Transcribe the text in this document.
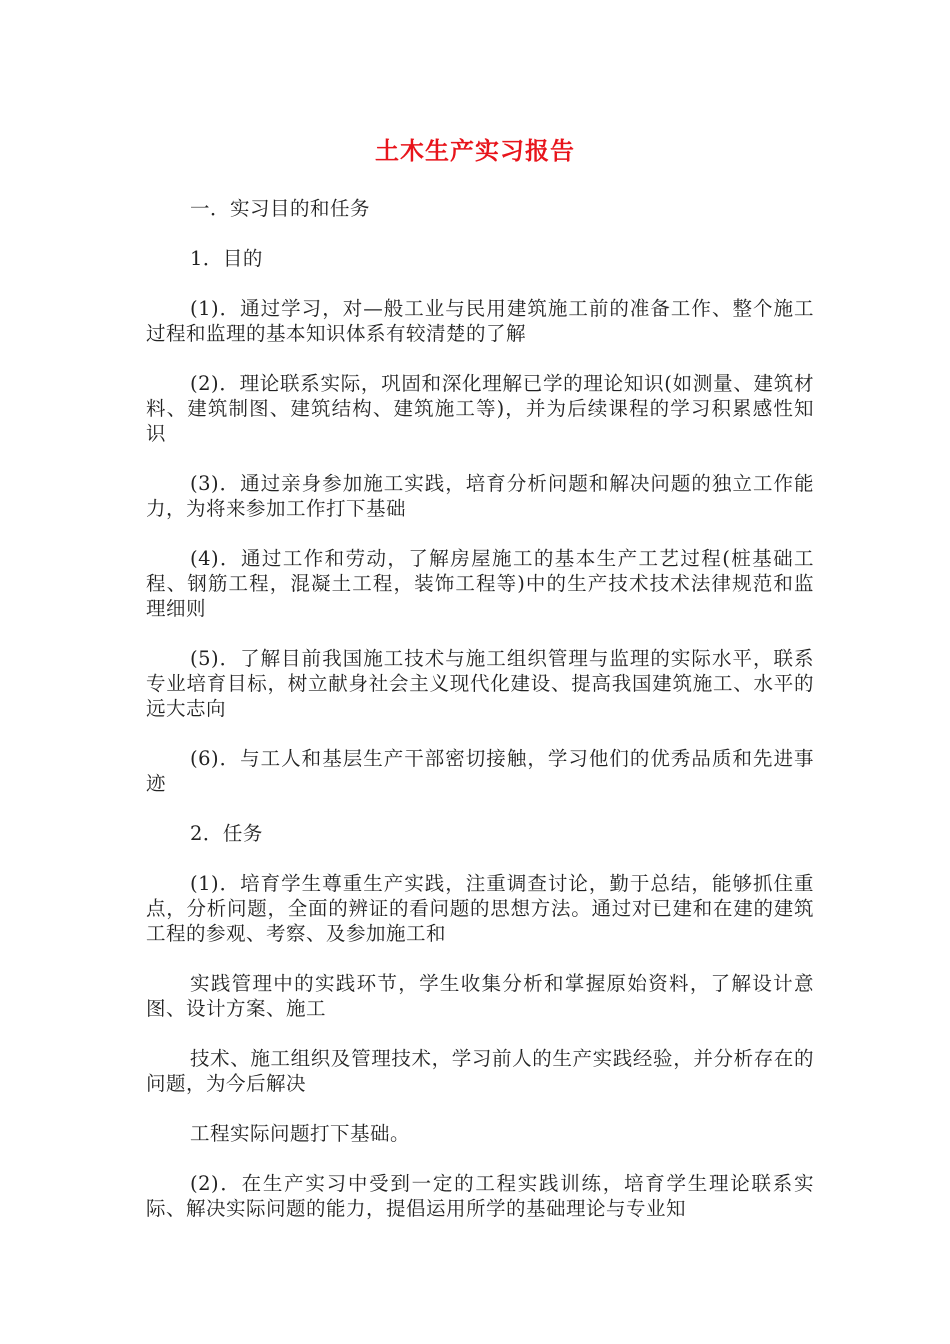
土木生产实习报告

一．实习目的和任务

1．目的

(1)．通过学习，对—般工业与民用建筑施工前的准备工作、整个施工过程和监理的基本知识体系有较清楚的了解

(2)．理论联系实际，巩固和深化理解已学的理论知识(如测量、建筑材料、建筑制图、建筑结构、建筑施工等)，并为后续课程的学习积累感性知识

(3)．通过亲身参加施工实践，培育分析问题和解决问题的独立工作能力，为将来参加工作打下基础

(4)．通过工作和劳动，了解房屋施工的基本生产工艺过程(桩基础工程、钢筋工程，混凝土工程，装饰工程等)中的生产技术技术法律规范和监理细则

(5)．了解目前我国施工技术与施工组织管理与监理的实际水平，联系专业培育目标，树立献身社会主义现代化建设、提高我国建筑施工、水平的远大志向

(6)．与工人和基层生产干部密切接触，学习他们的优秀品质和先进事迹

2．任务

(1)．培育学生尊重生产实践，注重调查讨论，勤于总结，能够抓住重点，分析问题，全面的辨证的看问题的思想方法。通过对已建和在建的建筑工程的参观、考察、及参加施工和

实践管理中的实践环节，学生收集分析和掌握原始资料，了解设计意图、设计方案、施工

技术、施工组织及管理技术，学习前人的生产实践经验，并分析存在的问题，为今后解决

工程实际问题打下基础。

(2)．在生产实习中受到一定的工程实践训练，培育学生理论联系实际、解决实际问题的能力，提倡运用所学的基础理论与专业知
